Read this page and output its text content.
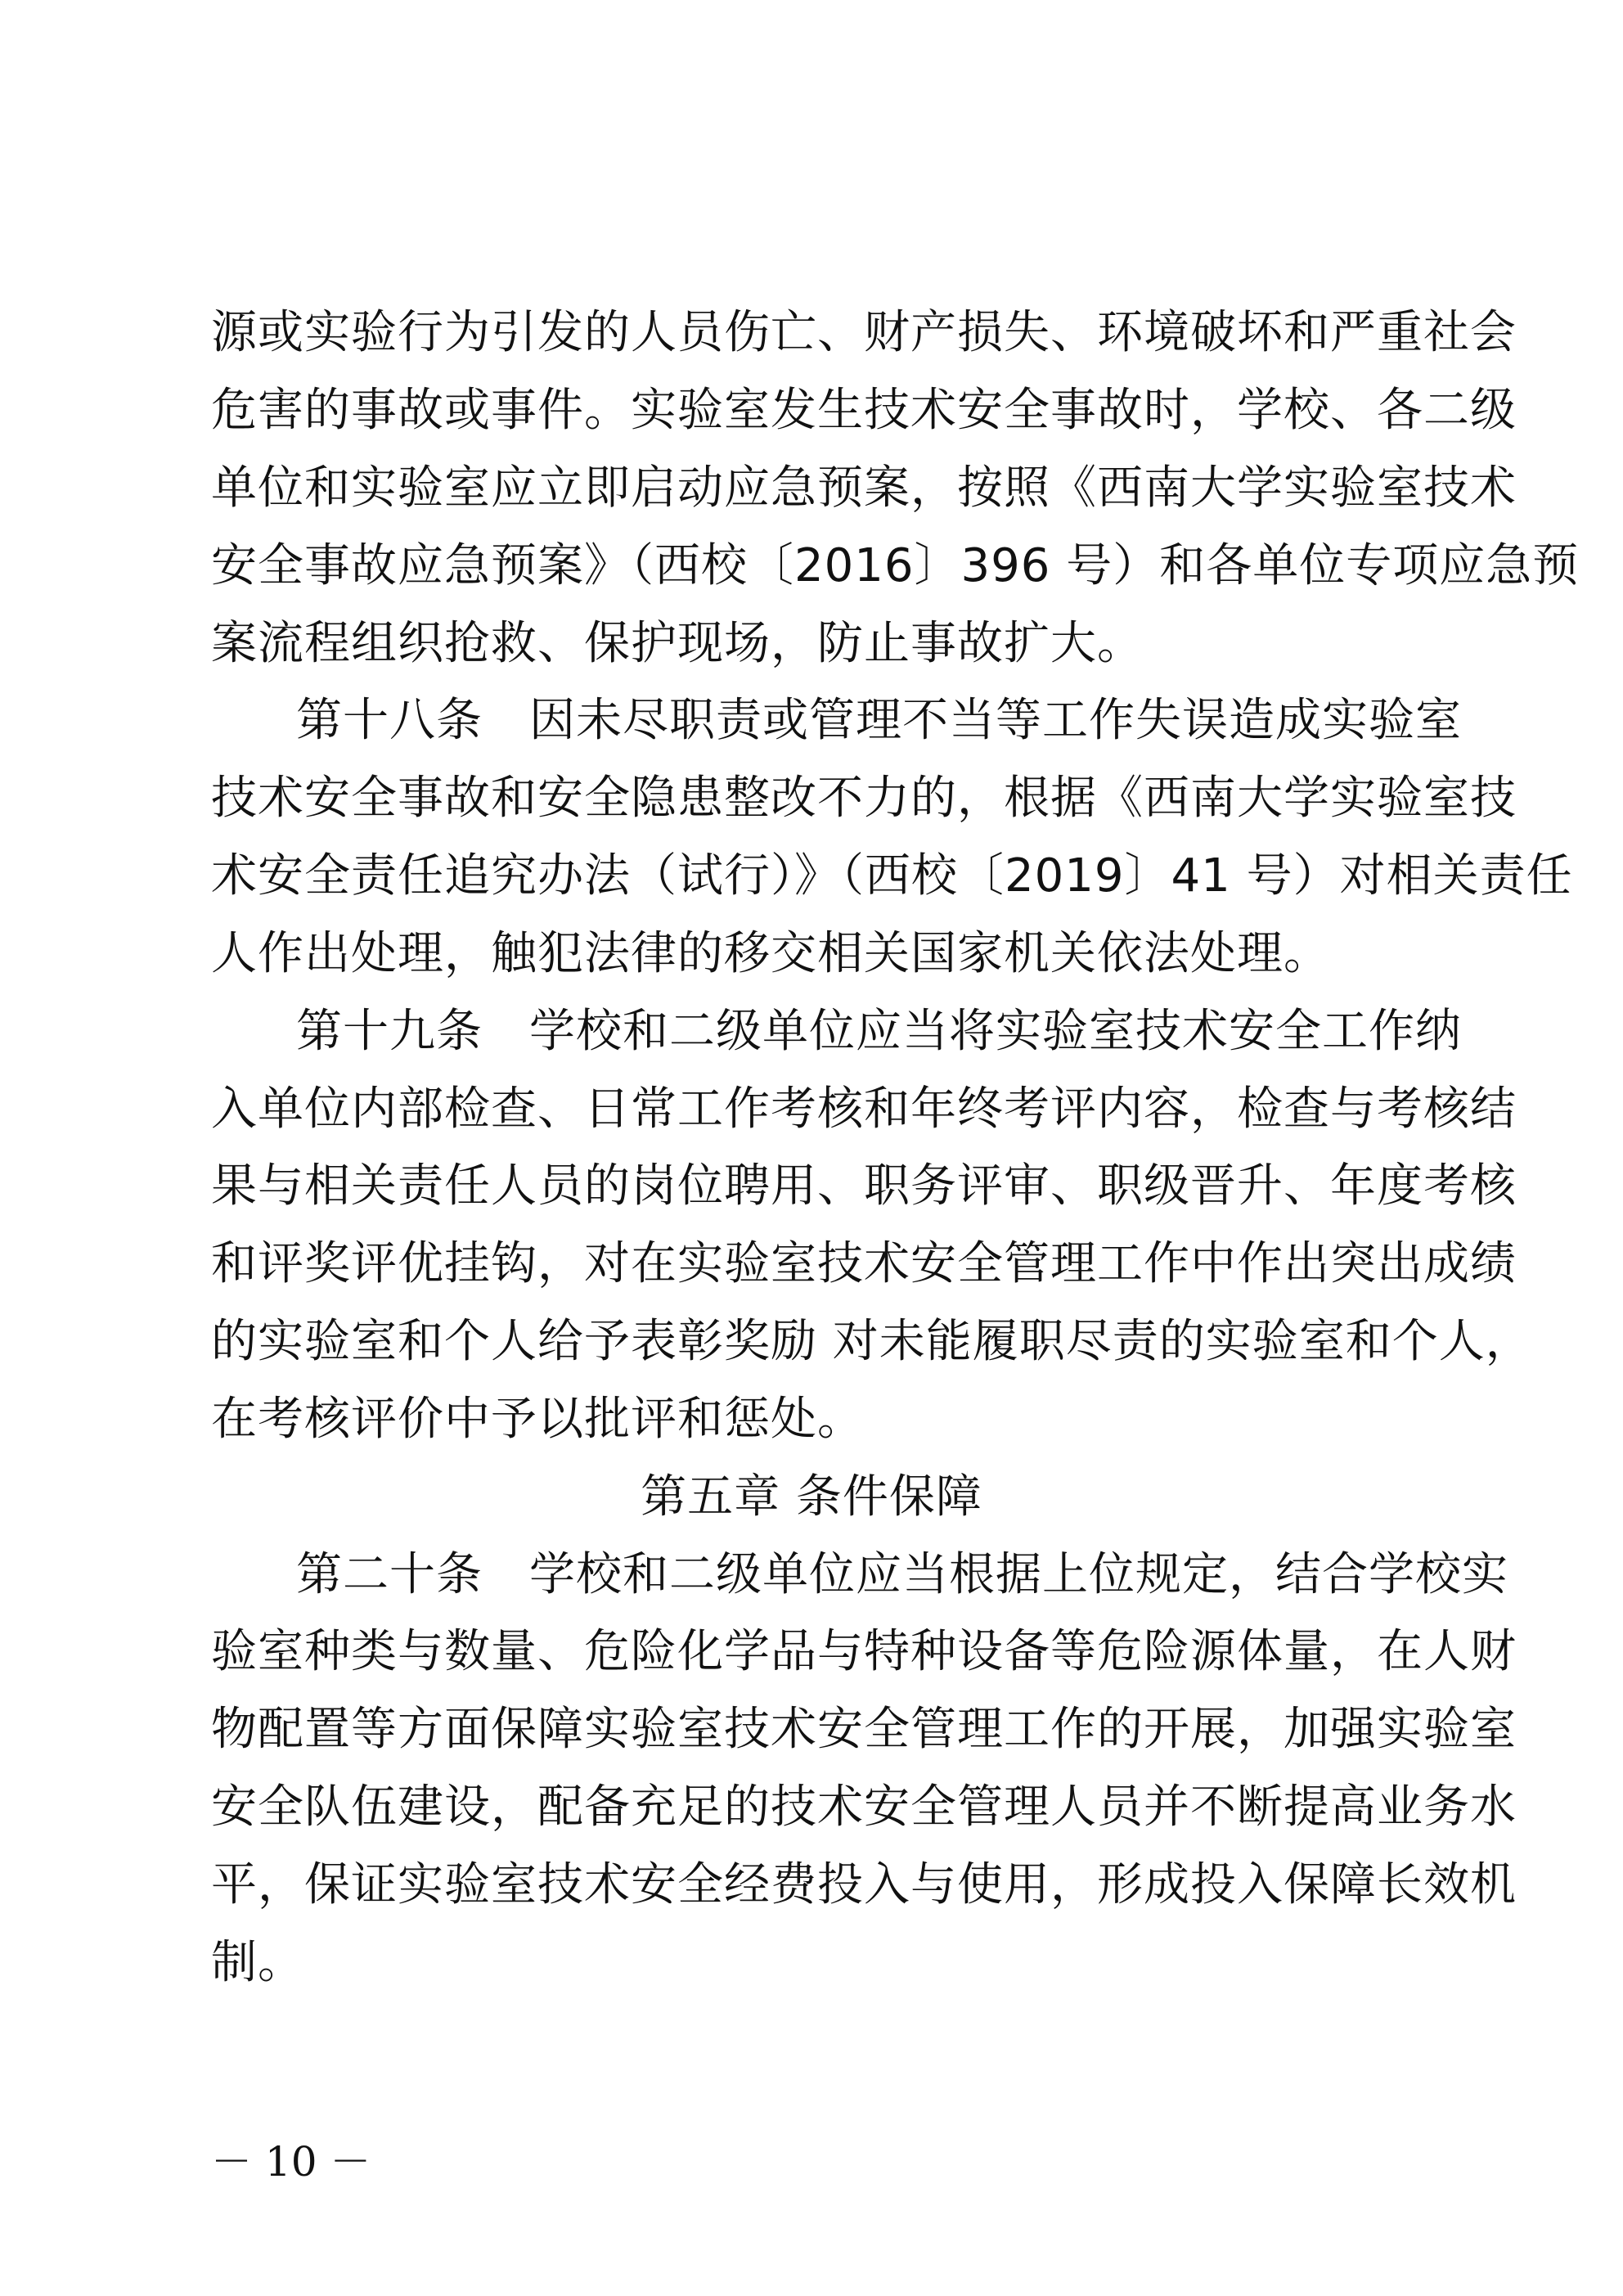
源或实验行为引发的人员伤亡、财产损失、环境破坏和严重社会
危害的事故或事件。实验室发生技术安全事故时，学校、各二级
单位和实验室应立即启动应急预案，按照《西南大学实验室技术
安全事故应急预案》（西校〔2016〕396 号）和各单位专项应急预
案流程组织抢救、保护现场，防止事故扩大。
第十八条　因未尽职责或管理不当等工作失误造成实验室
技术安全事故和安全隐患整改不力的，根据《西南大学实验室技
术安全责任追究办法（试行）》（西校〔2019〕41 号）对相关责任
人作出处理，触犯法律的移交相关国家机关依法处理。
第十九条　学校和二级单位应当将实验室技术安全工作纳
入单位内部检查、日常工作考核和年终考评内容，检查与考核结
果与相关责任人员的岗位聘用、职务评审、职级晋升、年度考核
和评奖评优挂钩，对在实验室技术安全管理工作中作出突出成绩
的实验室和个人给予表彰奖励 对未能履职尽责的实验室和个人，
在考核评价中予以批评和惩处。
第五章 条件保障
第二十条　学校和二级单位应当根据上位规定，结合学校实
验室种类与数量、危险化学品与特种设备等危险源体量，在人财
物配置等方面保障实验室技术安全管理工作的开展，加强实验室
安全队伍建设，配备充足的技术安全管理人员并不断提高业务水
平，保证实验室技术安全经费投入与使用，形成投入保障长效机
制。
－ 10 －
